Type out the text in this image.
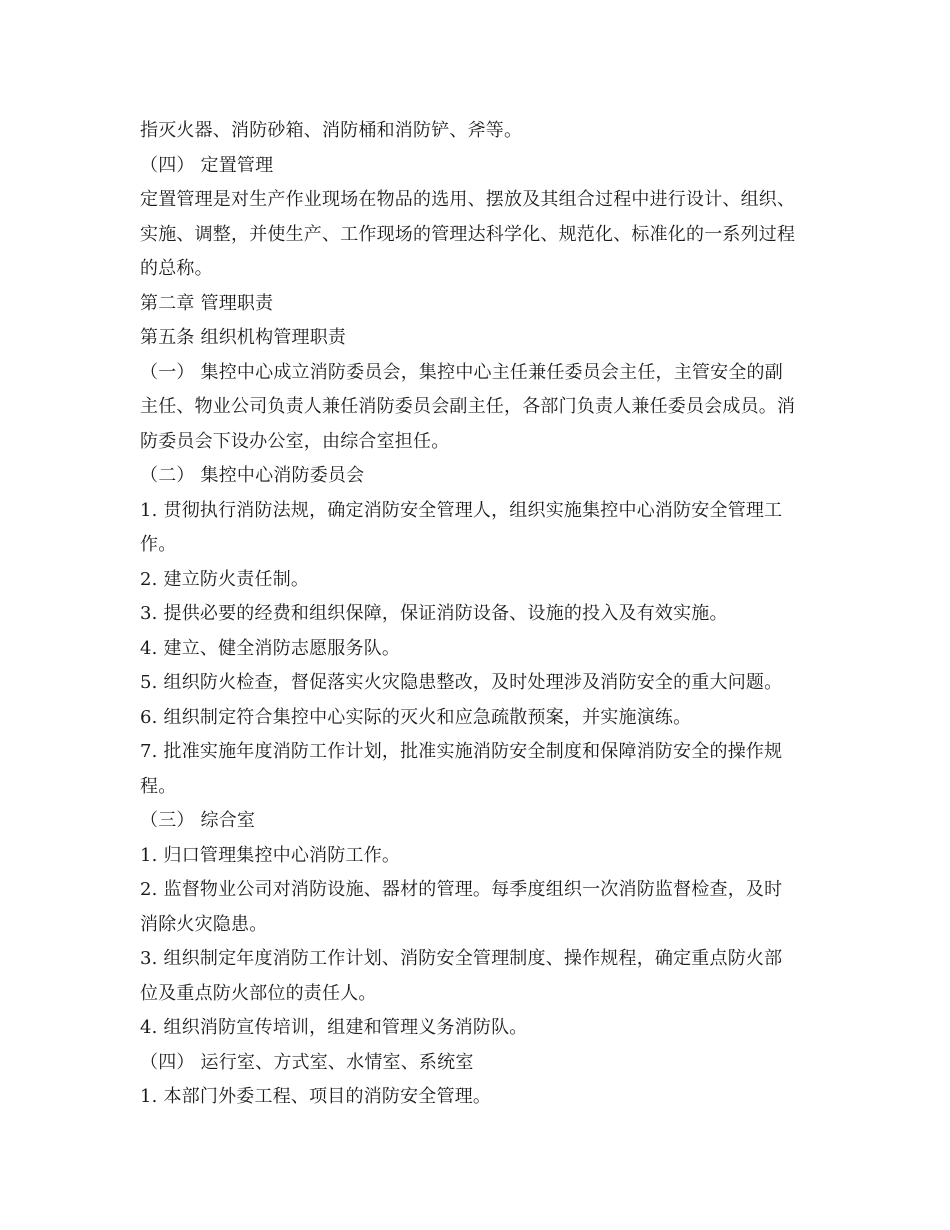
指灭火器、消防砂箱、消防桶和消防铲、斧等。
（四） 定置管理
定置管理是对生产作业现场在物品的选用、摆放及其组合过程中进行设计、组织、
实施、调整，并使生产、工作现场的管理达科学化、规范化、标准化的一系列过程
的总称。
第二章 管理职责
第五条 组织机构管理职责
（一） 集控中心成立消防委员会，集控中心主任兼任委员会主任，主管安全的副
主任、物业公司负责人兼任消防委员会副主任，各部门负责人兼任委员会成员。消
防委员会下设办公室，由综合室担任。
（二） 集控中心消防委员会
1. 贯彻执行消防法规，确定消防安全管理人，组织实施集控中心消防安全管理工
作。
2. 建立防火责任制。
3. 提供必要的经费和组织保障，保证消防设备、设施的投入及有效实施。
4. 建立、健全消防志愿服务队。
5. 组织防火检查，督促落实火灾隐患整改，及时处理涉及消防安全的重大问题。
6. 组织制定符合集控中心实际的灭火和应急疏散预案，并实施演练。
7. 批准实施年度消防工作计划，批准实施消防安全制度和保障消防安全的操作规
程。
（三） 综合室
1. 归口管理集控中心消防工作。
2. 监督物业公司对消防设施、器材的管理。每季度组织一次消防监督检查，及时
消除火灾隐患。
3. 组织制定年度消防工作计划、消防安全管理制度、操作规程，确定重点防火部
位及重点防火部位的责任人。
4. 组织消防宣传培训，组建和管理义务消防队。
（四） 运行室、方式室、水情室、系统室
1. 本部门外委工程、项目的消防安全管理。
